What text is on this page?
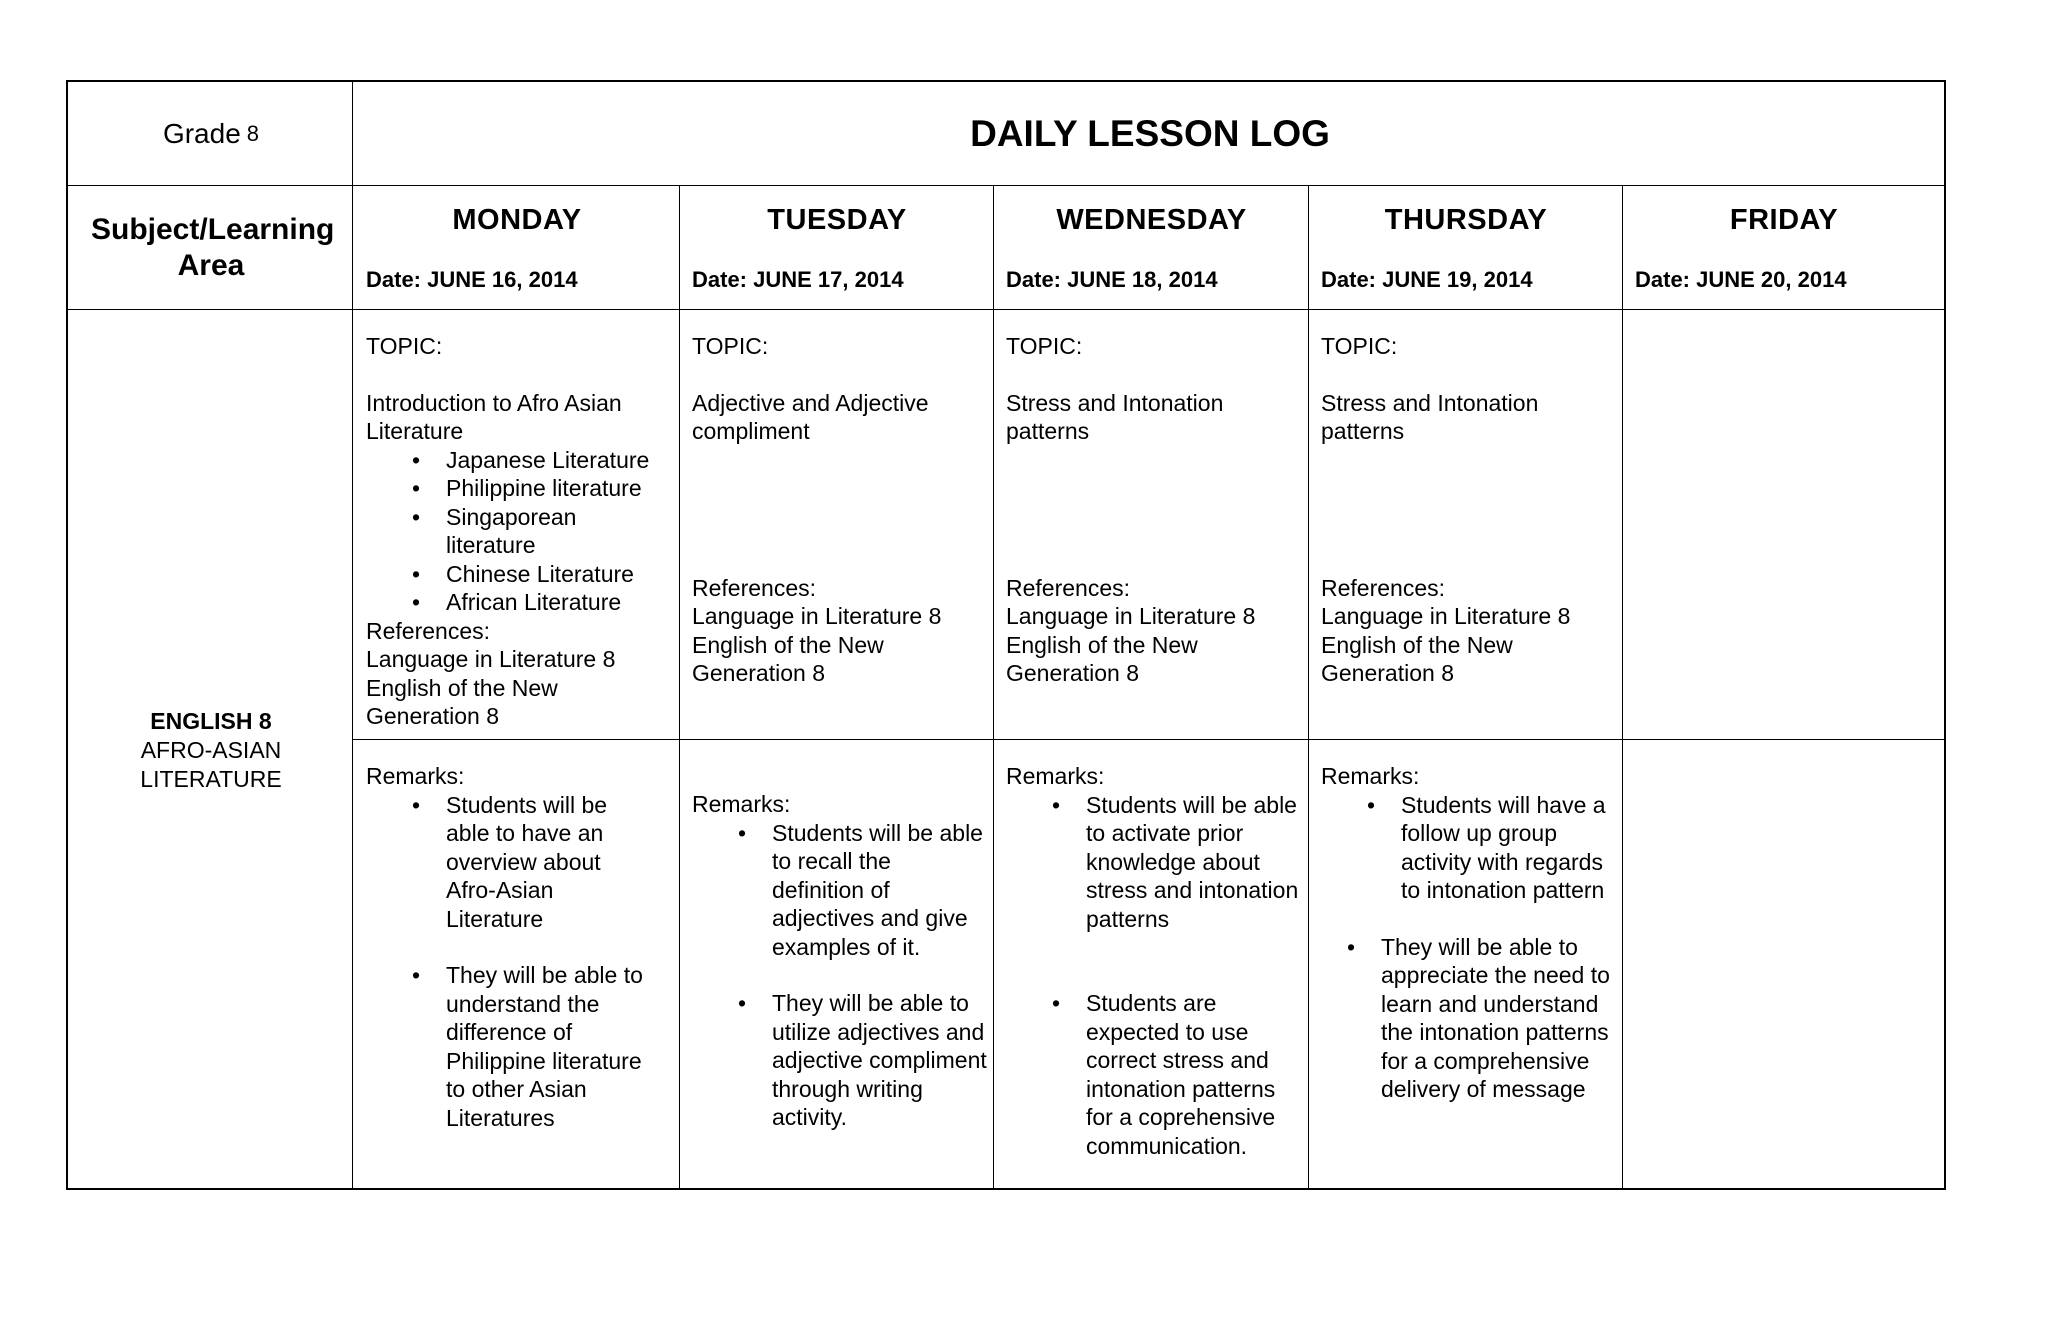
Grade 8	DAILY LESSON LOG
Subject/Learning Area
MONDAY
Date: JUNE 16, 2014
TUESDAY
Date: JUNE 17, 2014
WEDNESDAY
Date: JUNE 18, 2014
THURSDAY
Date: JUNE 19, 2014
FRIDAY
Date: JUNE 20, 2014
ENGLISH 8
AFRO-ASIAN
LITERATURE
TOPIC:
Introduction to Afro Asian
Literature
• Japanese Literature
• Philippine literature
• Singaporean literature
• Chinese Literature
• African Literature
References:
Language in Literature 8
English of the New
Generation 8
TOPIC:
Adjective and Adjective
compliment
References:
Language in Literature 8
English of the New
Generation 8
TOPIC:
Stress and Intonation
patterns
References:
Language in Literature 8
English of the New
Generation 8
TOPIC:
Stress and Intonation
patterns
References:
Language in Literature 8
English of the New
Generation 8
Remarks:
• Students will be able to have an overview about Afro-Asian Literature
• They will be able to understand the difference of Philippine literature to other Asian Literatures
Remarks:
• Students will be able to recall the definition of adjectives and give examples of it.
• They will be able to utilize adjectives and adjective compliment through writing activity.
Remarks:
• Students will be able to activate prior knowledge about stress and intonation patterns
• Students are expected to use correct stress and intonation patterns for a coprehensive communication.
Remarks:
• Students will have a follow up group activity with regards to intonation pattern
• They will be able to appreciate the need to learn and understand the intonation patterns for a comprehensive delivery of message
